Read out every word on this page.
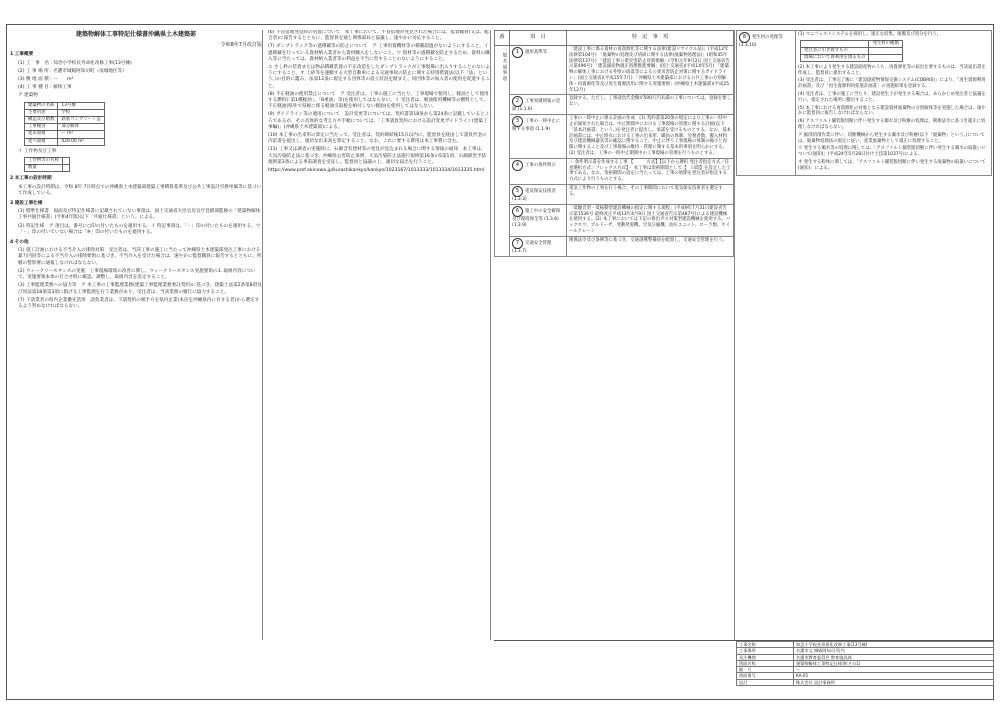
建築物解体工事特記仕様書沖縄県土木建築部
令和8年7月改訂版

1 工事概要

(1) 工　事　名 : 知念小学校長寿命化改修工事(13号棟)

(2) 工 事 場 所 : 名護市城殿阿知司町（南城地区等）

(3) 敷 地 面 積 : ー　　m²

(4) 工 事 種 目 : 解体工事

ア 建築物

建築物の名称	13号棟
主要用途	学校
構造及び階数	鉄筋コンクリート造
工事種別	部分解体
延床面積	ー m²
延べ面積	429.00 m²

イ 工作物及び工事

工作物等の名称	
数量	

2 本工事の設計時期

本工事の設計時期は、令和 8年 7月時点での沖縄県土木建築部建築工事積算基準及び公共工事設計労務単価等に基づいて作成している。

3 建設工事仕様

(1) 標準仕様書　図面及び特記仕様書に記載されていない事項は、国土交通省大臣官房官庁営繕部監修の「建築物解体工事共通仕様書」(令和4年版)以下「共通仕様書」という。による。

(2) 特記仕様　ア 項目は、番号に○印の付いたものを適用する。イ 特記事項は、「・」印の付いたものを適用する。ウ 「・」印の付いていない場合は「※」印の付いたものを適用する。

4 その他

(1) 施工計画における不当介入の排除対策　受注者は、当該工事の施工に当たって沖縄県土木建築部発注工事における暴力団員等による不当介入の排除要領に基づき、不当介入を受けた場合は、速やかに監督職員に報告するとともに、所轄の警察署に通報しなければならない。

(2) ウィークリースタンスの実施　工事現場環境の改善に関し、ウィークリースタンス実施要領の3. 取組内容について、実施要領本体の打合せ時に確認、調整し、取組内容を設定すること。

(3) 工事監理業務への協力等　ア 本工事の工事監理業務(建築工事監理業務委託契約)に基づき、建築士法第2条第8項及び同法第18条第3項に掲げる工事監理を行う業務があり、受注者は、当該業務の履行に協力すること。

(7) 下請業者の県内企業優先活用　請負業者は、下請契約の相手方を県内企業(本店を沖縄県内に有する者)から選定するよう努めなければならない。

(6) 不良借地発見時の処置について　本工事において、不良借地が発見された場合には、監督職員(又は、総合者)に報告するとともに、監督員を通じ関係部局と協議し、速やかに対応すること。

(7) ダンプトラック等の過積載等の防止について　ア 工事用資機材等の積載超過がないようにすること。イ 過積載を行っている資材納入業者から資材購入をしないこと。ウ 資材等の過積載を防止するため、資材の購入等に当たっては、資材納入業者等の利益を不当に害することのないようにすること。

エ さし枠の装着または物品積載装置の不正改造をしたダンプトラックが工事現場に出入りすることのないようにすること。オ 土砂等を運搬する大型自動車による交通事故の防止に関する特別措置法(以下「法」という。)の目的に鑑み、法第12条に規定する団体等の設立状況を踏まえ、同団体等の加入者の使用を促進すること。

(8) 不正軽油の使用禁止について　ア 受注者は、工事の施工に当たり、工事現場で使用し、軽油として使用する燃料(「第1種軽油」、「B重油」等)を使用してはならない。イ 受注者は、軽油使用機械等の燃料として、不正軽油(県外で県税に係る軽油引取税を納付しない軽油)を使用してはならない。

(9) ガイドライン等の適用について　設計変更等については、契約書第18条から第24条に記載しているところであるが、その具体的な考え方や手順については、「工事請負契約における設計変更ガイドライン(建築工事編)」(沖縄県土木建築部)による。

(10) 本工事の出来形の算定に当たって、受注者は、契約締結後15日以内に、監督員を経由して請負代金の内訳書を提出し、適切な出来高を算定すること。なお、これに要する費用は本工事費に含む。

(11) 工事又は調査の実施時に、石綿含有建材等の発見が見込まれる場合に関する情報の通知　本工事は、大気汚染防止法に基づき、沖縄県公害防止条例、大気汚染防止法施行規則第16条の5第1項、石綿障害予防規則第3条による事前調査を受託し、監督員と協議の上、適切な届出を行うこと。

https://www.pref.okinawa.jp/kurashikankyo/kankyo/1023167/1013333/1013334/1013335.html

番	項　目	特　記　事　項
一 般 共 通 事 項	1 適用基準等	「建設工事に係る資材の再資源化等に関する法律(建設リサイクル法)」(平成12年法律第104号) 「廃棄物の処理及び清掃に関する法律(廃棄物処理法)」(昭和45年法律第137号) 「建設工事公衆災害防止対策要綱」(令和元年9月2日 国土交通省告示第496号) 「建設副産物適正処理推進要綱」(国土交通省)(平成14年5月) 「建築物の解体工事における外壁の崩落等による公衆災害防止対策に関するガイドライン」(国土交通省)(平成15年7月) 「沖縄県土木建築部における公共工事の分別解体・再資源化等及び再生資源活用に関する実施要領」(沖縄県土木建築部)(平成25年12月)
	2 工事実績情報の登録 (1.1.6)	登録する。ただし、工事請負代金額が500万円未満の工事については、登録を要しない。
	3 工事の一時中止に関する事項 (1.1.9)	工事の一時中止に係る計画の作成　(1) 契約書第20条の規定により工事の一時中止が通知された場合は、中止期間中における工事現場の管理に関する計画(以下「基本計画書」という。)を発注者に提出し、承諾を受けるものとする。なお、基本計画書には、中止時点における工事の出来形、職員の体制、労務者数、搬入材料及び建設機械器具等の確認に関すること、中止に伴う工事現場の体制の縮小と再開に関すること及び工事現場の維持・管理に関する基本的事項を明らかにする。(2) 受注者は、工事の一時中止期間中の工事現場の管理を行うものとする。
	4 工事の条件明示	・ 条件明示書を作成する工事 【　　　方式】【以下から選択 発注者指定方式／任意選択方式／フレックス方式】・ 本工事は余裕期間として【　日間】を設定した工事である。なお、余裕期間の設定に当たっては、工事の始期を発注者が指定する方式により行うものとする。
	5 電気保安技術者 (1.3.3)	電気工作物の工事を行う場合、その工事期間において電気保安技術者を選定する。
	6 施工中の安全確保及び環境保全等 (1.3.6)(1.3.9)	「低騒音型・低振動型建設機械の指定に関する規程」(平成9年7月31日建設省告示第1536号 最終改正平成13年4月9日 国土交通省告示第487号)による建設機械を使用する。(2) 本工事においては下記の排出ガス対策型建設機械を使用する。バックホウ、ブルドーザ、発動発電機、空気圧縮機、油圧ユニット、ローラ類、ホイールクレーン
	7 交通安全管理 (1.3.7)	関係法令及び条例等に基づき、交通誘導警備員を配置し、交通安全管理を行う。
8 発生材の処理等 (1.3.10)	

(1) マニフェストシステムを採用し、適正な収集、運搬及び処分を行う。

	発生材の種類
発注者に引き渡すもの	
現場において再利用を図るもの	

(2) 本工事により発生する建設副産物のうち、再資源化等の届出を要するものは、当該届出書を作成し、監督員に提出すること。

(3) 受注者は、工事完了後に「建設副産物情報交換システム(COBRIS)」により、「再生資源利用計画書」及び「再生資源利用促進計画書」の実施結果を登録する。

(4) 受注者は、工事の施工に当たり、建設発生土が発生する場合は、あらかじめ発注者と協議を行い、指定された場所に搬出すること。

(5) 本工事における再資源化の対象となる建設資材廃棄物の分別解体等を実施した場合は、速やかに監督員に報告しなければならない。

(6) アスファルト舗装版切断に伴い発生する濁水及び粉塵の処理は、関係法令に基づき適正に処理しなければならない。

ア 掘削切削作業に伴い、切断機械から発生する濁水及び粉塵(以下「廃棄物」という。)については、廃棄物処理法の規定に従い、産業廃棄物として適正に処理すること。

ウ 発生する濁水等の処理に関しては、「アスファルト舗装版切断に伴い発生する濁水の取扱いについて(通知)」(平成24年5月28日付け土技第1037号)による。

オ 発生する粉体に関しては、「アスファルト舗装版切断に伴い発生する廃棄物の取扱いについて(通知)」による。

工事名称	知念小学校長寿命化改修工事(13号棟)
工事場所	名護市文 城殿阿知司 町内
発注機関	名護市教育委員会 教育施設課
図面名称	建築物解体工事特記仕様書(その1)
縮　尺	ー
図面番号	KA-01
設計	株式会社 設計事務所
